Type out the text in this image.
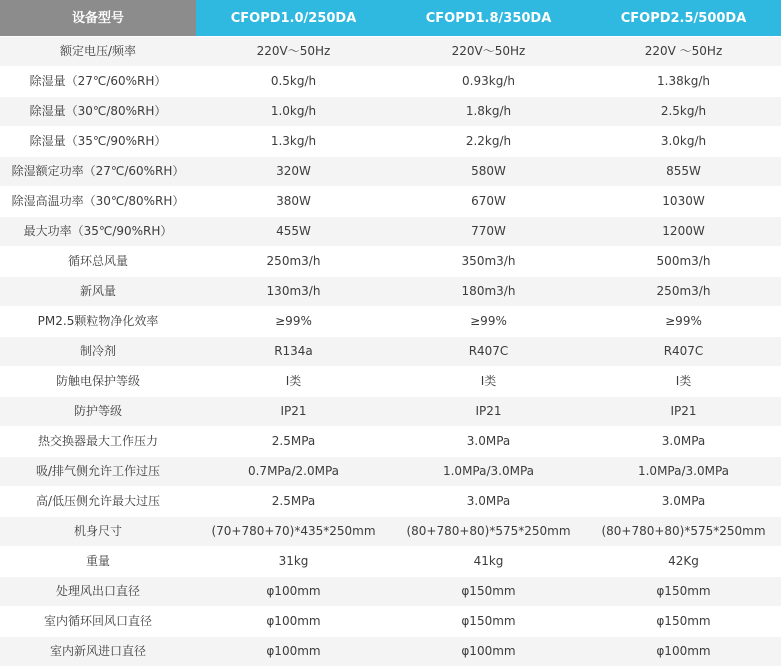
设备型号	CFOPD1.0/250DA	CFOPD1.8/350DA	CFOPD2.5/500DA
额定电压/频率	220V～50Hz	220V～50Hz	220V ～50Hz
除湿量（27℃/60%RH）	0.5kg/h	0.93kg/h	1.38kg/h
除湿量（30℃/80%RH）	1.0kg/h	1.8kg/h	2.5kg/h
除湿量（35℃/90%RH）	1.3kg/h	2.2kg/h	3.0kg/h
除湿额定功率（27℃/60%RH）	320W	580W	855W
除湿高温功率（30℃/80%RH）	380W	670W	1030W
最大功率（35℃/90%RH）	455W	770W	1200W
循环总风量	250m3/h	350m3/h	500m3/h
新风量	130m3/h	180m3/h	250m3/h
PM2.5颗粒物净化效率	≥99%	≥99%	≥99%
制冷剂	R134a	R407C	R407C
防触电保护等级	I类	I类	I类
防护等级	IP21	IP21	IP21
热交换器最大工作压力	2.5MPa	3.0MPa	3.0MPa
吸/排气侧允许工作过压	0.7MPa/2.0MPa	1.0MPa/3.0MPa	1.0MPa/3.0MPa
高/低压侧允许最大过压	2.5MPa	3.0MPa	3.0MPa
机身尺寸	(70+780+70)*435*250mm	(80+780+80)*575*250mm	(80+780+80)*575*250mm
重量	31kg	41kg	42Kg
处理风出口直径	φ100mm	φ150mm	φ150mm
室内循环回风口直径	φ100mm	φ150mm	φ150mm
室内新风进口直径	φ100mm	φ100mm	φ100mm
